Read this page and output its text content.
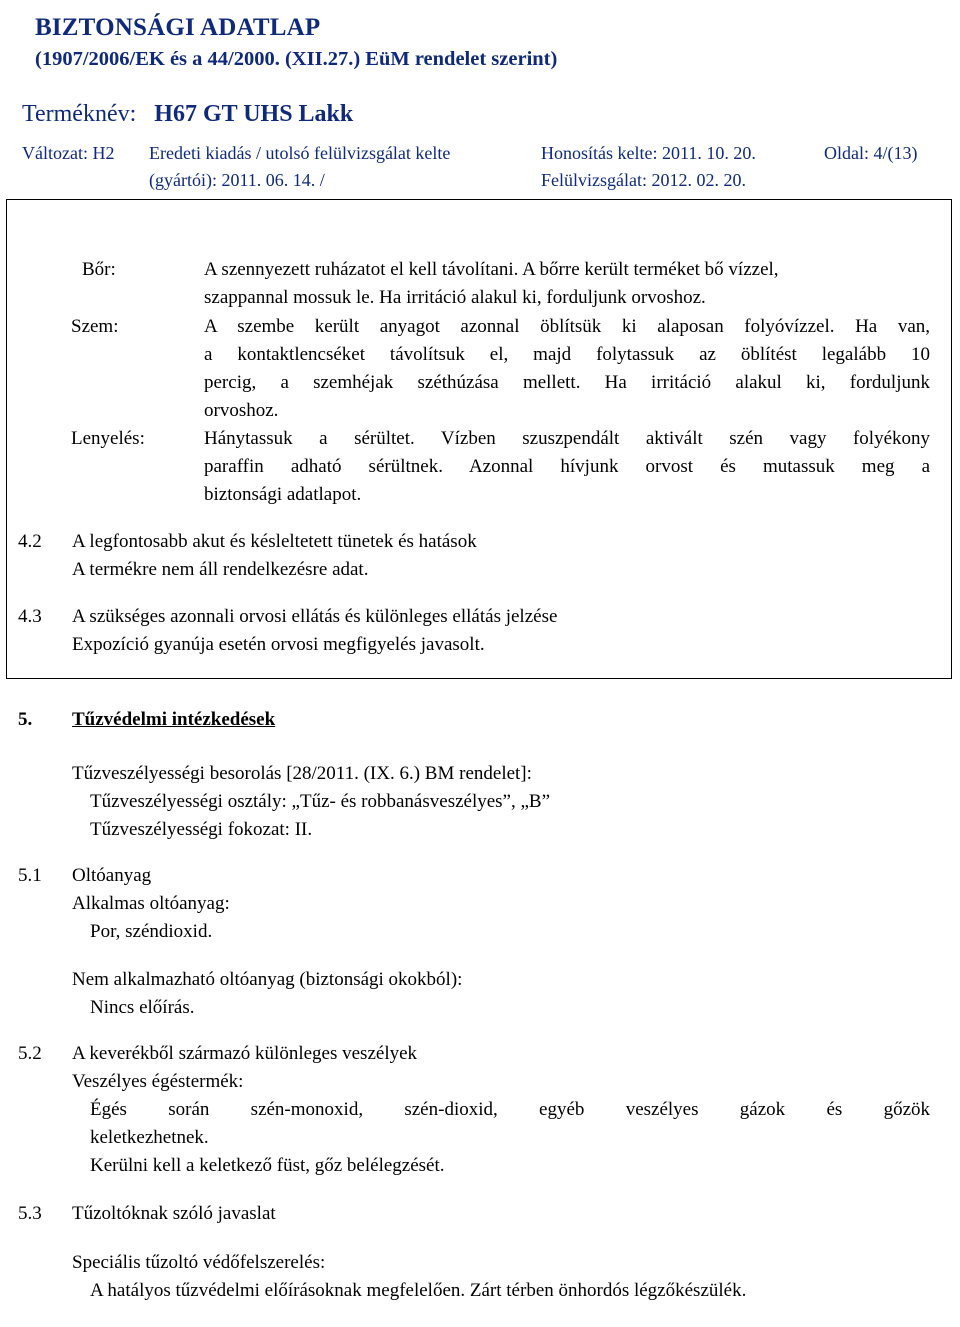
BIZTONSÁGI ADATLAP
(1907/2006/EK és a 44/2000. (XII.27.) EüM rendelet szerint)
Terméknév: H67 GT UHS Lakk
Változat: H2 Eredeti kiadás / utolsó felülvizsgálat kelte
(gyártói): 2011. 06. 14. /
Honosítás kelte: 2011. 10. 20.
Felülvizsgálat: 2012. 02. 20.
Oldal: 4/(13)
Bőr:	A szennyezett ruházatot el kell távolítani. A bőrre került terméket bő vízzel,
szappannal mossuk le. Ha irritáció alakul ki, forduljunk orvoshoz.
Szem:	A szembe került anyagot azonnal öblítsük ki alaposan folyóvízzel. Ha van,
a kontaktlencséket távolítsuk el, majd folytassuk az öblítést legalább 10
percig, a szemhéjak széthúzása mellett. Ha irritáció alakul ki, forduljunk
orvoshoz.
Lenyelés:	Hánytassuk a sérültet. Vízben szuszpendált aktivált szén vagy folyékony
paraffin adható sérültnek. Azonnal hívjunk orvost és mutassuk meg a
biztonsági adatlapot.
4.2 A legfontosabb akut és késleltetett tünetek és hatások
A termékre nem áll rendelkezésre adat.
4.3 A szükséges azonnali orvosi ellátás és különleges ellátás jelzése
Expozíció gyanúja esetén orvosi megfigyelés javasolt.
5. Tűzvédelmi intézkedések
Tűzveszélyességi besorolás [28/2011. (IX. 6.) BM rendelet]:
Tűzveszélyességi osztály: „Tűz- és robbanásveszélyes”, „B”
Tűzveszélyességi fokozat: II.
5.1 Oltóanyag
Alkalmas oltóanyag:
Por, széndioxid.
Nem alkalmazható oltóanyag (biztonsági okokból):
Nincs előírás.
5.2 A keverékből származó különleges veszélyek
Veszélyes égéstermék:
Égés során szén-monoxid, szén-dioxid, egyéb veszélyes gázok és gőzök
keletkezhetnek.
Kerülni kell a keletkező füst, gőz belélegzését.
5.3 Tűzoltóknak szóló javaslat
Speciális tűzoltó védőfelszerelés:
A hatályos tűzvédelmi előírásoknak megfelelően. Zárt térben önhordós légzőkészülék.
